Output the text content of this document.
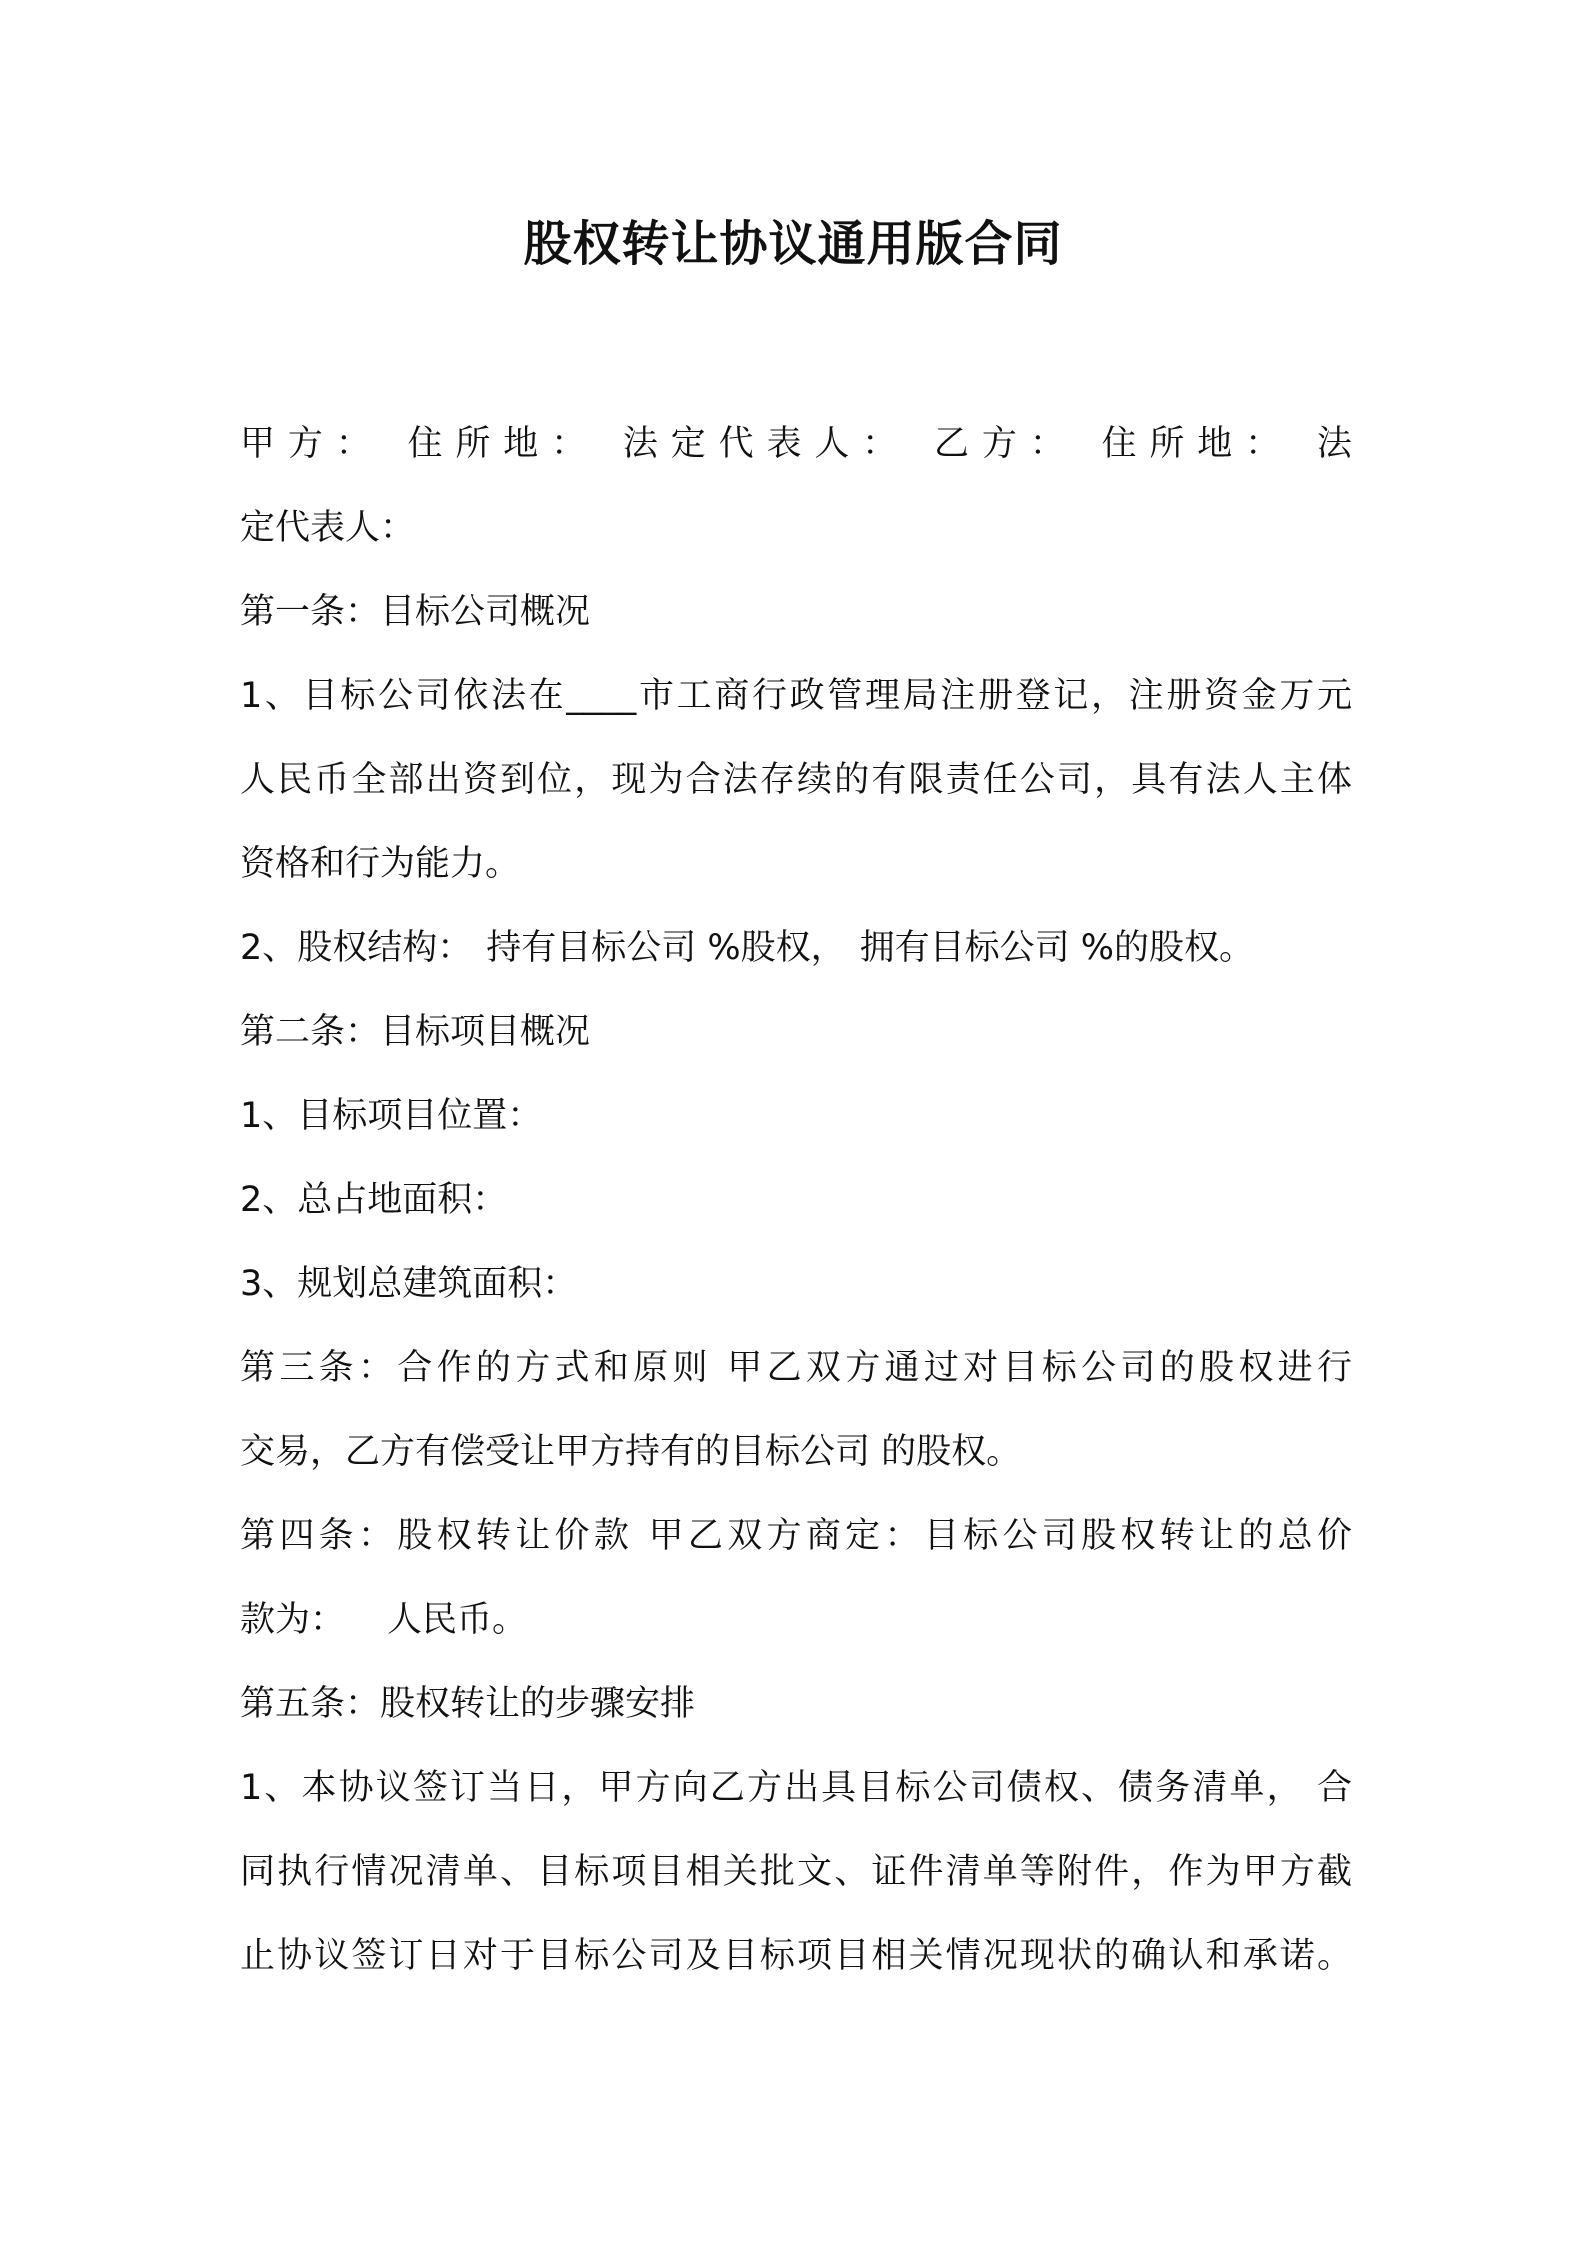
股权转让协议通用版合同
甲方： 住所地： 法定代表人： 乙方： 住所地： 法
定代表人：
第一条：目标公司概况
1、目标公司依法在____市工商行政管理局注册登记，注册资金万元
人民币全部出资到位，现为合法存续的有限责任公司，具有法人主体
资格和行为能力。
2、股权结构： 持有目标公司 %股权， 拥有目标公司 %的股权。
第二条：目标项目概况
1、目标项目位置：
2、总占地面积：
3、规划总建筑面积：
第三条：合作的方式和原则 甲乙双方通过对目标公司的股权进行
交易，乙方有偿受让甲方持有的目标公司 的股权。
第四条：股权转让价款 甲乙双方商定：目标公司股权转让的总价
款为： 人民币。
第五条：股权转让的步骤安排
1、本协议签订当日，甲方向乙方出具目标公司债权、债务清单， 合
同执行情况清单、目标项目相关批文、证件清单等附件，作为甲方截
止协议签订日对于目标公司及目标项目相关情况现状的确认和承诺。
